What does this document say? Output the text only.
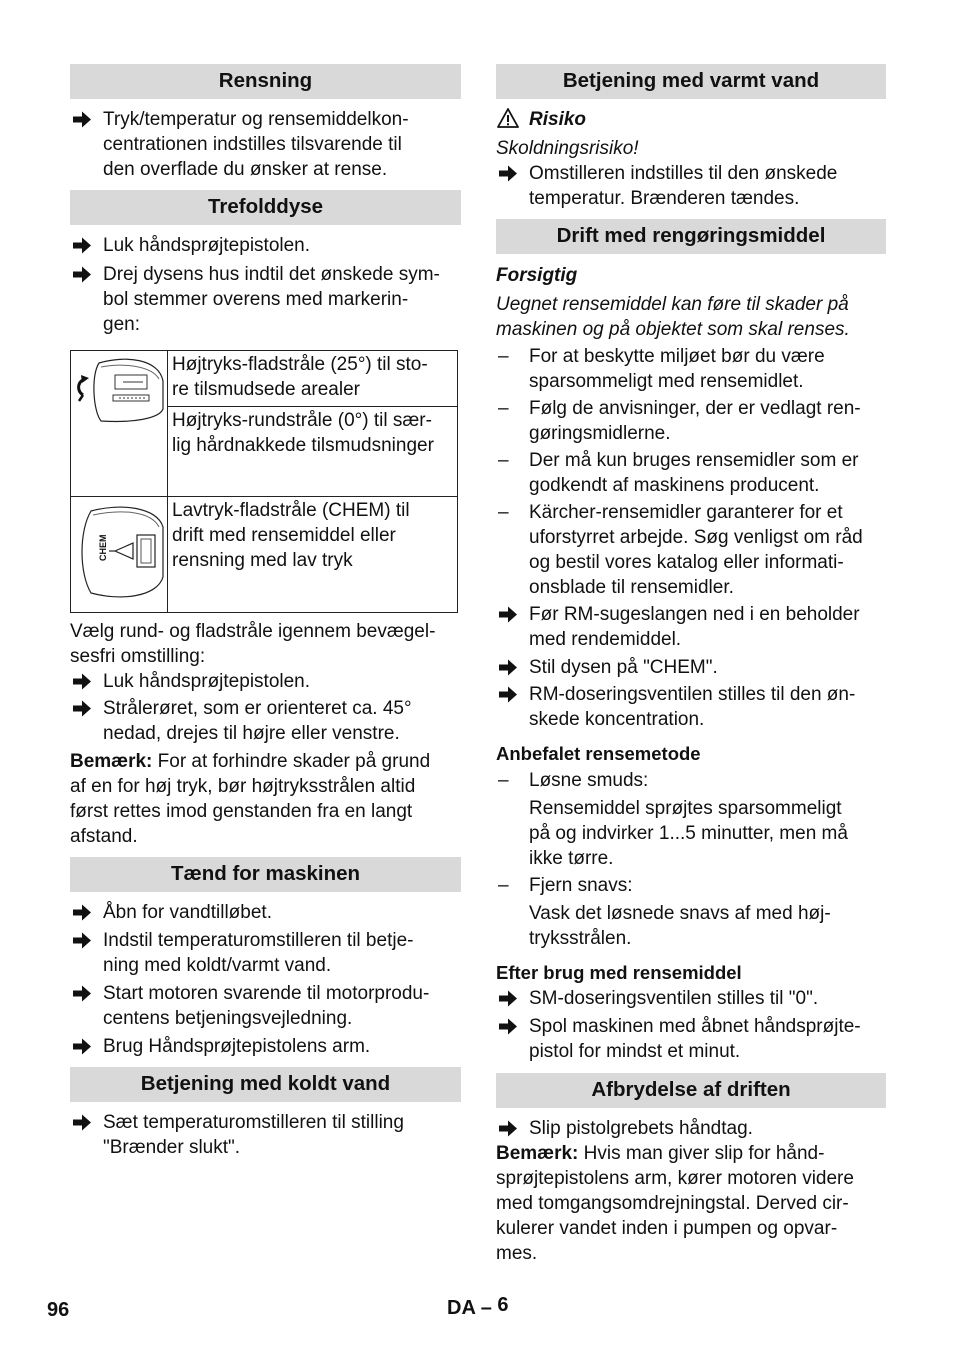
Rensning
Tryk/temperatur og rensemiddelkon-
centrationen indstilles tilsvarende til
den overflade du ønsker at rense.
Trefolddyse
Luk håndsprøjtepistolen.
Drej dysens hus indtil det ønskede sym-
bol stemmer overens med markerin-
gen:

Højtryks-fladstråle (25°) til sto-
re tilsmudsede arealer

	Højtryks-rundstråle (0°) til sær-
lig hårdnakkede tilsmudsninger

CHEM	Lavtryk-fladstråle (CHEM) til
drift med rensemiddel eller
rensning med lav tryk
Vælg rund- og fladstråle igennem bevægel-
sesfri omstilling:
Luk håndsprøjtepistolen.
Strålerøret, som er orienteret ca. 45°
nedad, drejes til højre eller venstre.
Bemærk: For at forhindre skader på grund
af en for høj tryk, bør højtryksstrålen altid
først rettes imod genstanden fra en langt
afstand.
Tænd for maskinen
Åbn for vandtilløbet.
Indstil temperaturomstilleren til betje-
ning med koldt/varmt vand.
Start motoren svarende til motorprodu-
centens betjeningsvejledning.
Brug Håndsprøjtepistolens arm.
Betjening med koldt vand
Sæt temperaturomstilleren til stilling
"Brænder slukt".
Betjening med varmt vand
Risiko
Skoldningsrisiko!
Omstilleren indstilles til den ønskede
temperatur. Brænderen tændes.
Drift med rengøringsmiddel
Forsigtig
Uegnet rensemiddel kan føre til skader på
maskinen og på objektet som skal renses.
– For at beskytte miljøet bør du være
sparsommeligt med rensemidlet.
– Følg de anvisninger, der er vedlagt ren-
gøringsmidlerne.
– Der må kun bruges rensemidler som er
godkendt af maskinens producent.
– Kärcher-rensemidler garanterer for et
uforstyrret arbejde. Søg venligst om råd
og bestil vores katalog eller informati-
onsblade til rensemidler.
Før RM-sugeslangen ned i en beholder
med rendemiddel.
Stil dysen på "CHEM".
RM-doseringsventilen stilles til den øn-
skede koncentration.
Anbefalet rensemetode
– Løsne smuds:
Rensemiddel sprøjtes sparsommeligt
på og indvirker 1...5 minutter, men må
ikke tørre.
– Fjern snavs:
Vask det løsnede snavs af med høj-
tryksstrålen.
Efter brug med rensemiddel
SM-doseringsventilen stilles til "0".
Spol maskinen med åbnet håndsprøjte-
pistol for mindst et minut.
Afbrydelse af driften
Slip pistolgrebets håndtag.
Bemærk: Hvis man giver slip for hånd-
sprøjtepistolens arm, kører motoren videre
med tomgangsomdrejningstal. Derved cir-
kulerer vandet inden i pumpen og opvar-
mes.
96	DA – 6
